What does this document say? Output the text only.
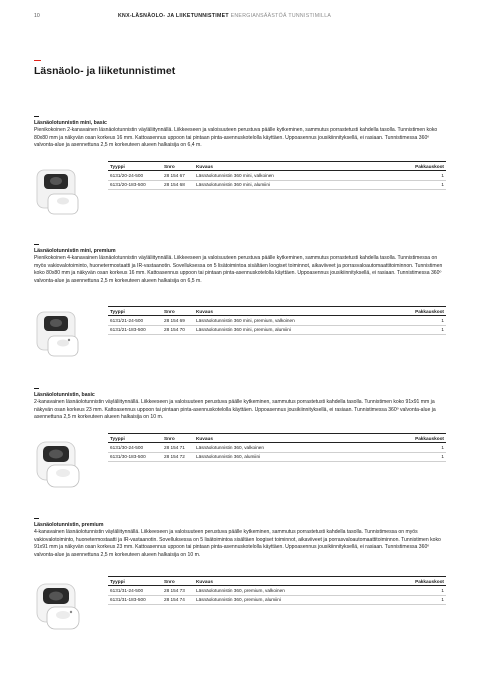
10	KNX-LÄSNÄOLO- JA LIIKETUNNISTIMET ENERGIANSÄÄSTÖÄ TUNNISTIMILLA
Läsnäolo- ja liiketunnistimet
Läsnäolotunnistin mini, basic
Pienikokoinen 2-kanavainen läsnäolotunnistin väyläliitynnällä. Liikkeeseen ja valoisuuteen perustuva päälle kytkeminen, sammutus porrastetusti kahdella tasolla. Tunnistimen koko 80x80 mm ja näkyvän osan korkeus 16 mm. Kattoasennus uppoon tai pintaan pinta-asennuskotelolla käyttäen. Uppoasennus jousikiinnityksellä, ei rasiaan. Tunnistimessa 360º valvonta-alue ja asennettuna 2,5 m korkeuteen alueen halkaisija on 6,4 m.
Tyyppi	Snro	Kuvaus	Pakkauskoot
6131/20-24-500	28 154 67	Läsnäolotunnistin 360 mini, valkoinen	1
6131/20-183-500	28 154 68	Läsnäolotunnistin 360 mini, alumiini	1
Läsnäolotunnistin mini, premium
Pienikokoinen 4-kanavainen läsnäolotunnistin väyläliitynnällä. Liikkeeseen ja valoisuuteen perustuva päälle kytkeminen, sammutus porrastetusti kahdella tasolla. Tunnistimessa on myös vakiovalotoiminto, huonetermostaatti ja IR-vastaanotin. Sovelluksessa on 5 lisätoimintoa sisältäen loogiset toiminnot, aikaviiveet ja porrasvaloautomaattitoiminnon. Tunnistimen koko 80x80 mm ja näkyvän osan korkeus 16 mm. Kattoasennus uppoon tai pintaan pinta-asennuskotelolla käyttäen. Uppoasennus jousikiinnityksellä, ei rasiaan. Tunnistimessa 360º valvonta-alue ja asennettuna 2,5 m korkeuteen alueen halkaisija on 6,5 m.
Tyyppi	Snro	Kuvaus	Pakkauskoot
6131/21-24-500	28 154 69	Läsnäolotunnistin 360 mini, premium, valkoinen	1
6131/21-183-500	28 154 70	Läsnäolotunnistin 360 mini, premium, alumiini	1
Läsnäolotunnistin, basic
2-kanavainen läsnäolotunnistin väyläliitynnällä. Liikkeeseen ja valoisuuteen perustuva päälle kytkeminen, sammutus porrastetusti kahdella tasolla. Tunnistimen koko 91x91 mm ja näkyvän osan korkeus 23 mm. Kattoasennus uppoon tai pintaan pinta-asennuskotelolla käyttäen. Uppoasennus jousikiinnityksellä, ei rasiaan. Tunnistimessa 360º valvonta-alue ja asennettuna 2,5 m korkeuteen alueen halkaisija on 10 m.
Tyyppi	Snro	Kuvaus	Pakkauskoot
6131/30-24-500	28 154 71	Läsnäolotunnistin 360, valkoinen	1
6131/30-183-500	28 154 72	Läsnäolotunnistin 360, alumiini	1
Läsnäolotunnistin, premium
4-kanavainen läsnäolotunnistin väyläliitynnällä. Liikkeeseen ja valoisuuteen perustuva päälle kytkeminen, sammutus porrastetusti kahdella tasolla. Tunnistimessa on myös vakiovalotoiminto, huonetermostaatti ja IR-vastaanotin. Sovelluksessa on 5 lisätoimintoa sisältäen loogiset toiminnot, aikaviiveet ja porrasvaloautomaattitoiminnon. Tunnistimen koko 91x91 mm ja näkyvän osan korkeus 23 mm. Kattoasennus uppoon tai pintaan pinta-asennuskotelolla käyttäen. Uppoasennus jousikiinnityksellä, ei rasiaan. Tunnistimessa 360º valvonta-alue ja asennettuna 2,5 m korkeuteen alueen halkaisija on 10 m.
Tyyppi	Snro	Kuvaus	Pakkauskoot
6131/31-24-500	28 154 73	Läsnäolotunnistin 360, premium, valkoinen	1
6131/31-183-500	28 154 74	Läsnäolotunnistin 360, premium, alumiini	1
